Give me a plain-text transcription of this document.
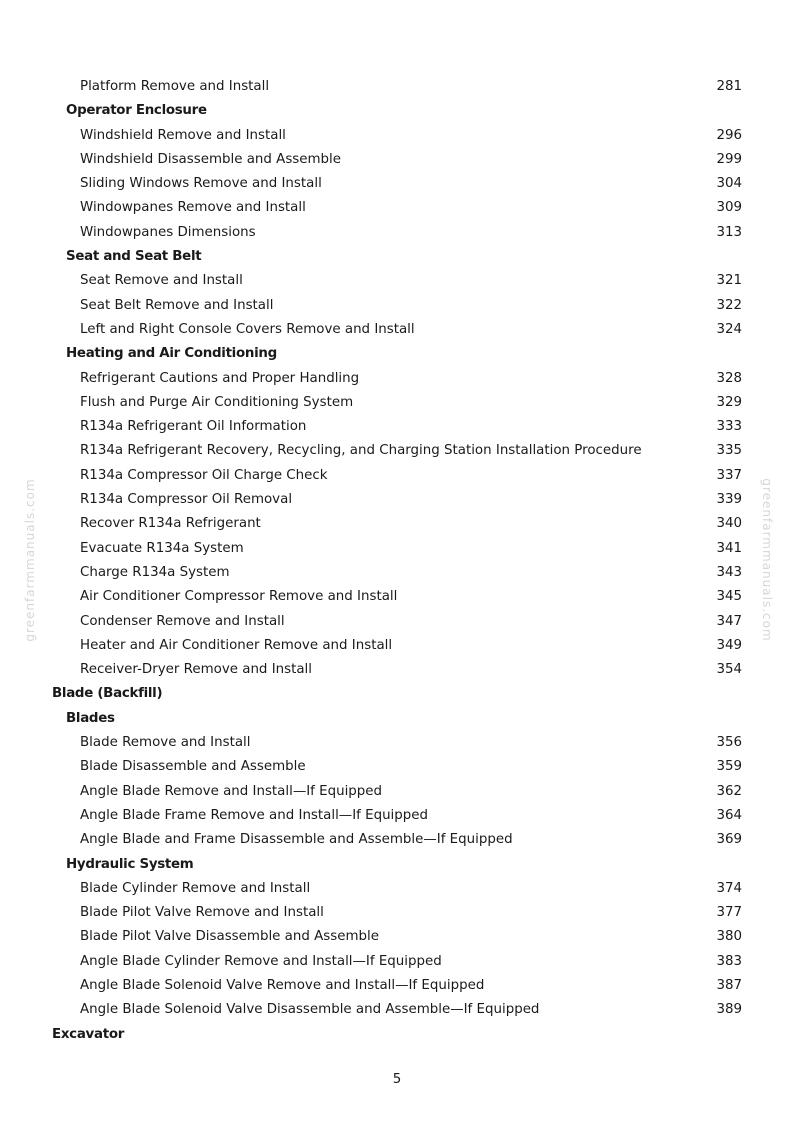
greenfarmmanuals.com	greenfarmmanuals.com
Platform Remove and Install	281
Operator Enclosure
Windshield Remove and Install	296
Windshield Disassemble and Assemble	299
Sliding Windows Remove and Install	304
Windowpanes Remove and Install	309
Windowpanes Dimensions	313
Seat and Seat Belt
Seat Remove and Install	321
Seat Belt Remove and Install	322
Left and Right Console Covers Remove and Install	324
Heating and Air Conditioning
Refrigerant Cautions and Proper Handling	328
Flush and Purge Air Conditioning System	329
R134a Refrigerant Oil Information	333
R134a Refrigerant Recovery, Recycling, and Charging Station Installation Procedure	335
R134a Compressor Oil Charge Check	337
R134a Compressor Oil Removal	339
Recover R134a Refrigerant	340
Evacuate R134a System	341
Charge R134a System	343
Air Conditioner Compressor Remove and Install	345
Condenser Remove and Install	347
Heater and Air Conditioner Remove and Install	349
Receiver-Dryer Remove and Install	354
Blade (Backfill)
Blades
Blade Remove and Install	356
Blade Disassemble and Assemble	359
Angle Blade Remove and Install—If Equipped	362
Angle Blade Frame Remove and Install—If Equipped	364
Angle Blade and Frame Disassemble and Assemble—If Equipped	369
Hydraulic System
Blade Cylinder Remove and Install	374
Blade Pilot Valve Remove and Install	377
Blade Pilot Valve Disassemble and Assemble	380
Angle Blade Cylinder Remove and Install—If Equipped	383
Angle Blade Solenoid Valve Remove and Install—If Equipped	387
Angle Blade Solenoid Valve Disassemble and Assemble—If Equipped	389
Excavator
5
